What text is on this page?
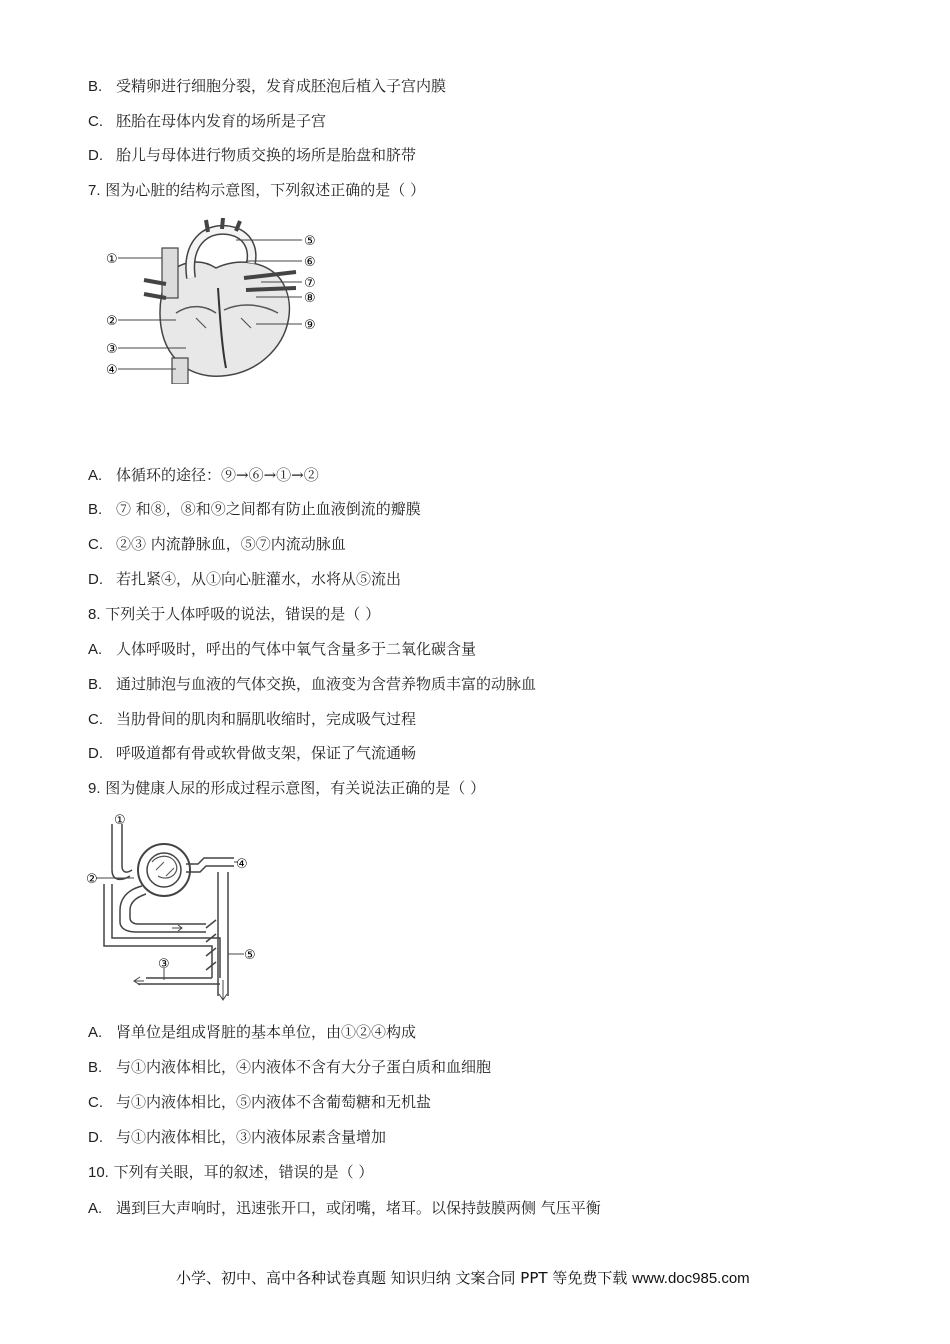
B. 受精卵进行细胞分裂，发育成胚泡后植入子宫内膜
C. 胚胎在母体内发育的场所是子宫
D. 胎儿与母体进行物质交换的场所是胎盘和脐带
7. 图为心脏的结构示意图，下列叙述正确的是（ ）
①
②
③
④
⑤
⑥
⑦
⑧
⑨
A. 体循环的途径：⑨→⑥→①→②
B. ⑦ 和⑧，⑧和⑨之间都有防止血液倒流的瓣膜
C. ②③ 内流静脉血，⑤⑦内流动脉血
D. 若扎紧④，从①向心脏灌水，水将从⑤流出
8. 下列关于人体呼吸的说法，错误的是（ ）
A. 人体呼吸时，呼出的气体中氧气含量多于二氧化碳含量
B. 通过肺泡与血液的气体交换，血液变为含营养物质丰富的动脉血
C. 当肋骨间的肌肉和膈肌收缩时，完成吸气过程
D. 呼吸道都有骨或软骨做支架，保证了气流通畅
9. 图为健康人尿的形成过程示意图，有关说法正确的是（ ）
①
②
③
④
⑤
A. 肾单位是组成肾脏的基本单位，由①②④构成
B. 与①内液体相比，④内液体不含有大分子蛋白质和血细胞
C. 与①内液体相比，⑤内液体不含葡萄糖和无机盐
D. 与①内液体相比，③内液体尿素含量增加
10. 下列有关眼，耳的叙述，错误的是（ ）
A. 遇到巨大声响时，迅速张开口，或闭嘴，堵耳。以保持鼓膜两侧 气压平衡
小学、初中、高中各种试卷真题 知识归纳 文案合同 PPT 等免费下载 www.doc985.com
